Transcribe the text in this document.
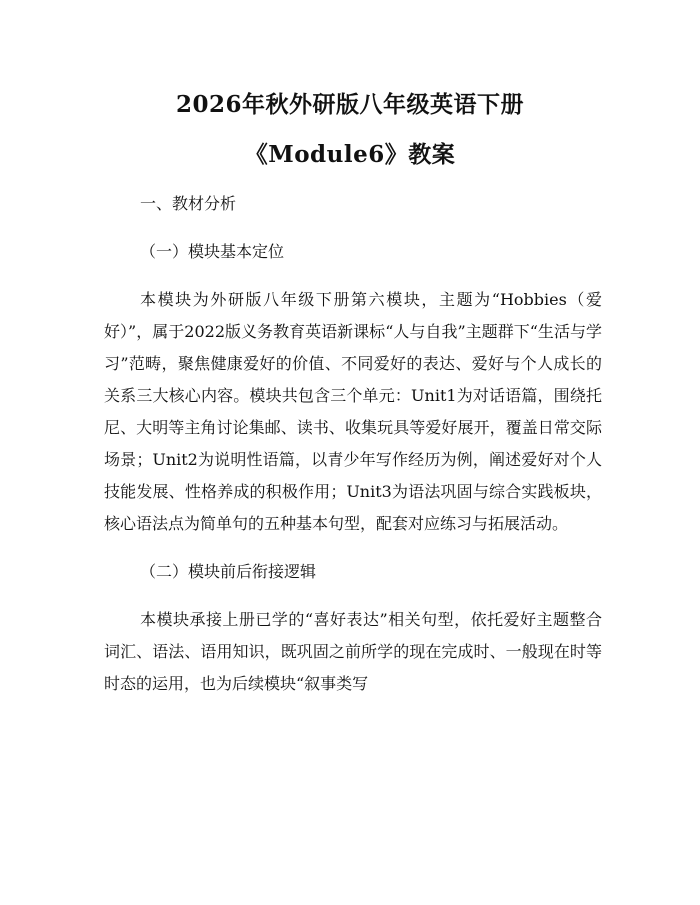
2026年秋外研版八年级英语下册
《Module6》教案

一、教材分析

（一）模块基本定位

本模块为外研版八年级下册第六模块，主题为“Hobbies（爱好）”，属于2022版义务教育英语新课标“人与自我”主题群下“生活与学习”范畴，聚焦健康爱好的价值、不同爱好的表达、爱好与个人成长的关系三大核心内容。模块共包含三个单元：Unit1为对话语篇，围绕托尼、大明等主角讨论集邮、读书、收集玩具等爱好展开，覆盖日常交际场景；Unit2为说明性语篇，以青少年写作经历为例，阐述爱好对个人技能发展、性格养成的积极作用；Unit3为语法巩固与综合实践板块，核心语法点为简单句的五种基本句型，配套对应练习与拓展活动。

（二）模块前后衔接逻辑

本模块承接上册已学的“喜好表达”相关句型，依托爱好主题整合词汇、语法、语用知识，既巩固之前所学的现在完成时、一般现在时等时态的运用，也为后续模块“叙事类写
